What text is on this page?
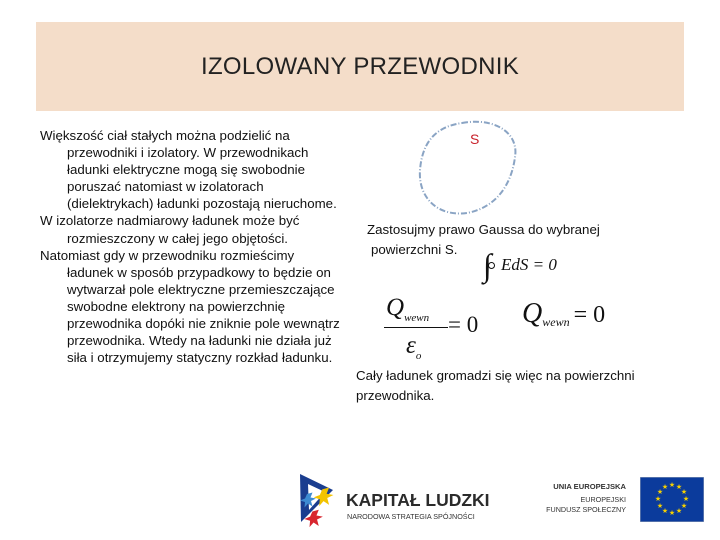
IZOLOWANY PRZEWODNIK

Większość ciał stałych można podzielić na przewodniki i izolatory. W przewodnikach ładunki elektryczne mogą się swobodnie poruszać natomiast w izolatorach (dielektrykach) ładunki pozostają nieruchome.

W izolatorze nadmiarowy ładunek może być rozmieszczony w całej jego objętości.

Natomiast gdy w przewodniku rozmieścimy ładunek w sposób przypadkowy to będzie on wytwarzał pole elektryczne przemieszczające swobodne elektrony na powierzchnię przewodnika dopóki nie zniknie pole wewnątrz przewodnika. Wtedy na ładunki nie działa już siła i otrzymujemy statyczny rozkład ładunku.

S
Zastosujmy prawo Gaussa do wybranej
powierzchni S. ∫ EdS = 0
$Q_{wewn} = 0$
$\varepsilon_o$
$Q_{wewn} = 0$
Cały ładunek gromadzi się więc na powierzchni
przewodnika.
KAPITAŁ LUDZKI
NARODOWA STRATEGIA SPÓJNOŚCI
UNIA EUROPEJSKA
EUROPEJSKI
FUNDUSZ SPOŁECZNY
★ ★
★
★
★
★
★
★
★
★
★
★
